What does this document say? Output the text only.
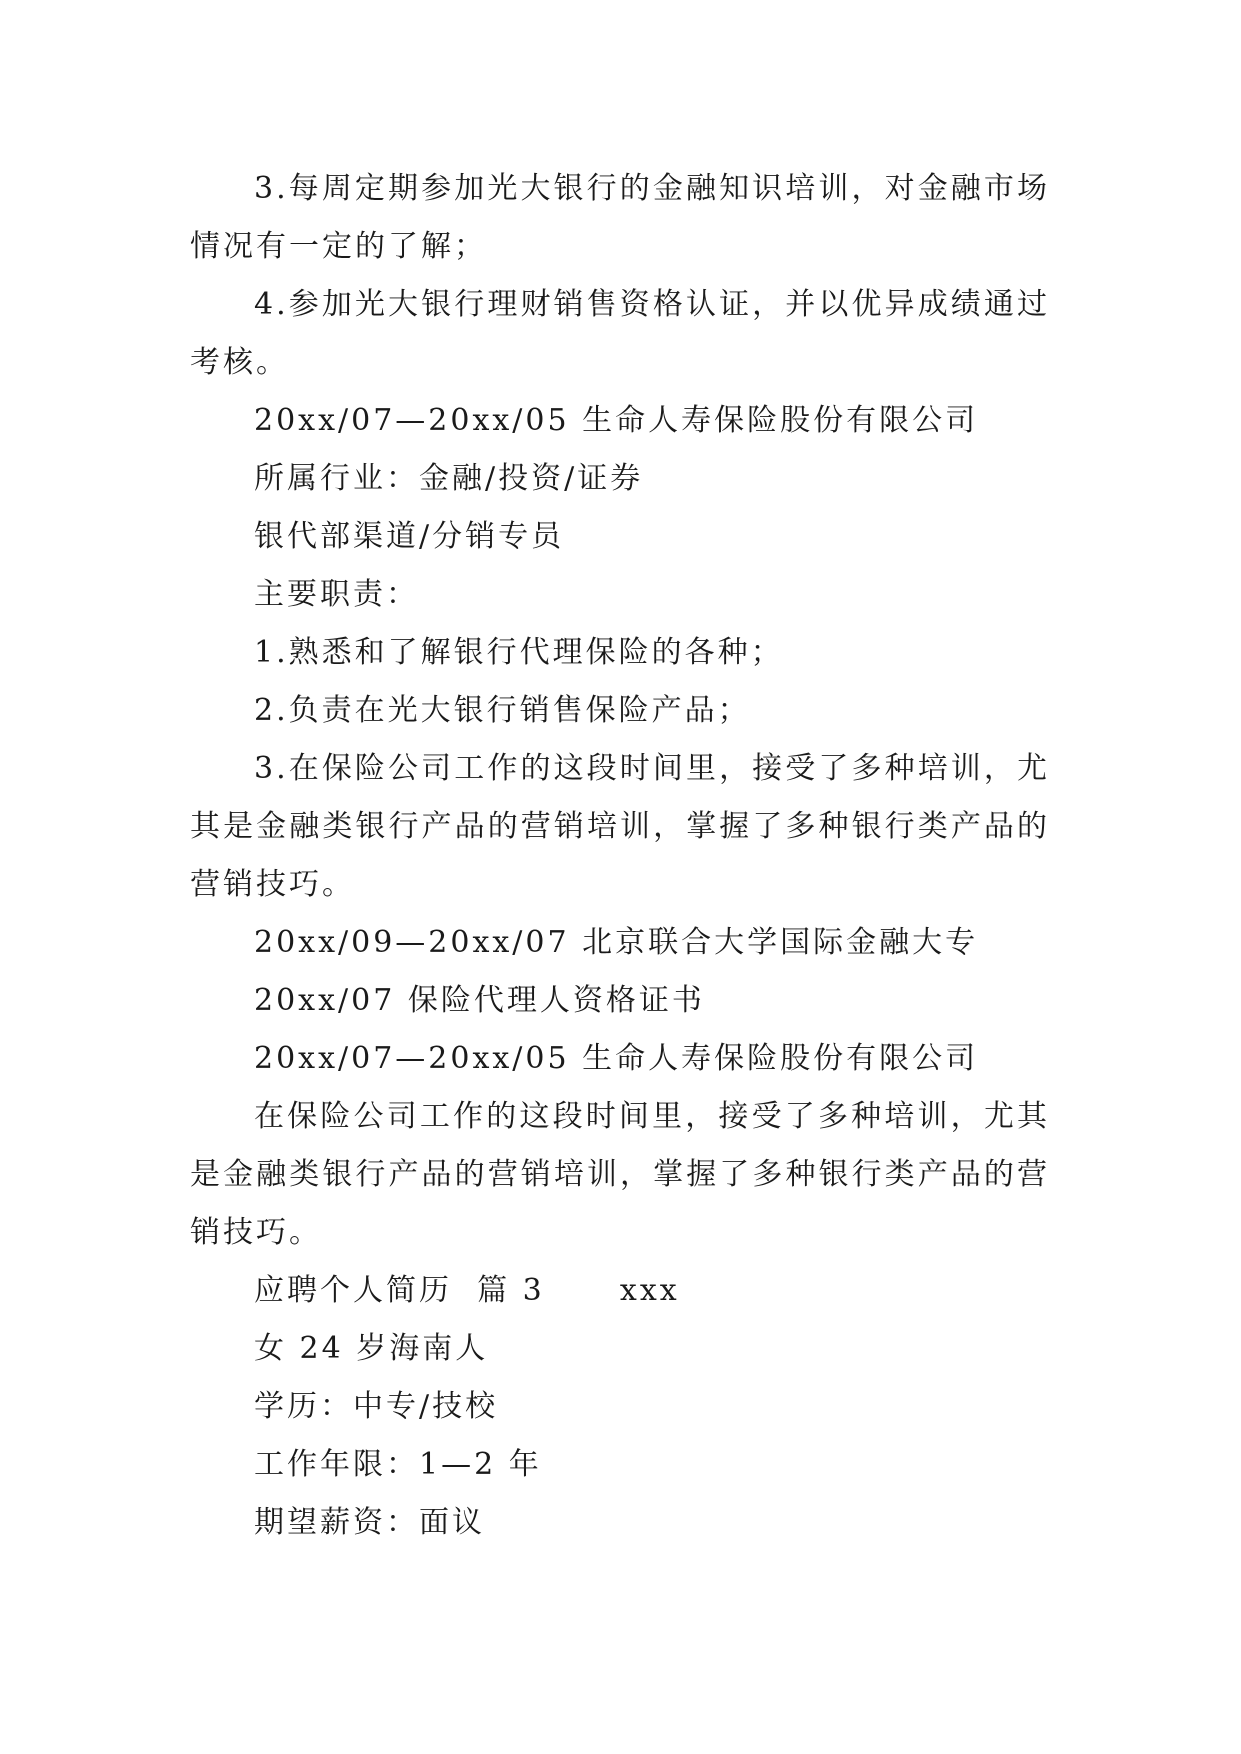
3.每周定期参加光大银行的金融知识培训，对金融市场情况有一定的了解；

4.参加光大银行理财销售资格认证，并以优异成绩通过考核。

20xx/07—20xx/05 生命人寿保险股份有限公司

所属行业：金融/投资/证券

银代部渠道/分销专员

主要职责：

1.熟悉和了解银行代理保险的各种；

2.负责在光大银行销售保险产品；

3.在保险公司工作的这段时间里，接受了多种培训，尤其是金融类银行产品的营销培训，掌握了多种银行类产品的营销技巧。

20xx/09—20xx/07 北京联合大学国际金融大专

20xx/07 保险代理人资格证书

20xx/07—20xx/05 生命人寿保险股份有限公司

在保险公司工作的这段时间里，接受了多种培训，尤其是金融类银行产品的营销培训，掌握了多种银行类产品的营销技巧。

应聘个人简历  篇 3      xxx

女 24 岁海南人

学历：中专/技校

工作年限：1—2 年

期望薪资：面议
